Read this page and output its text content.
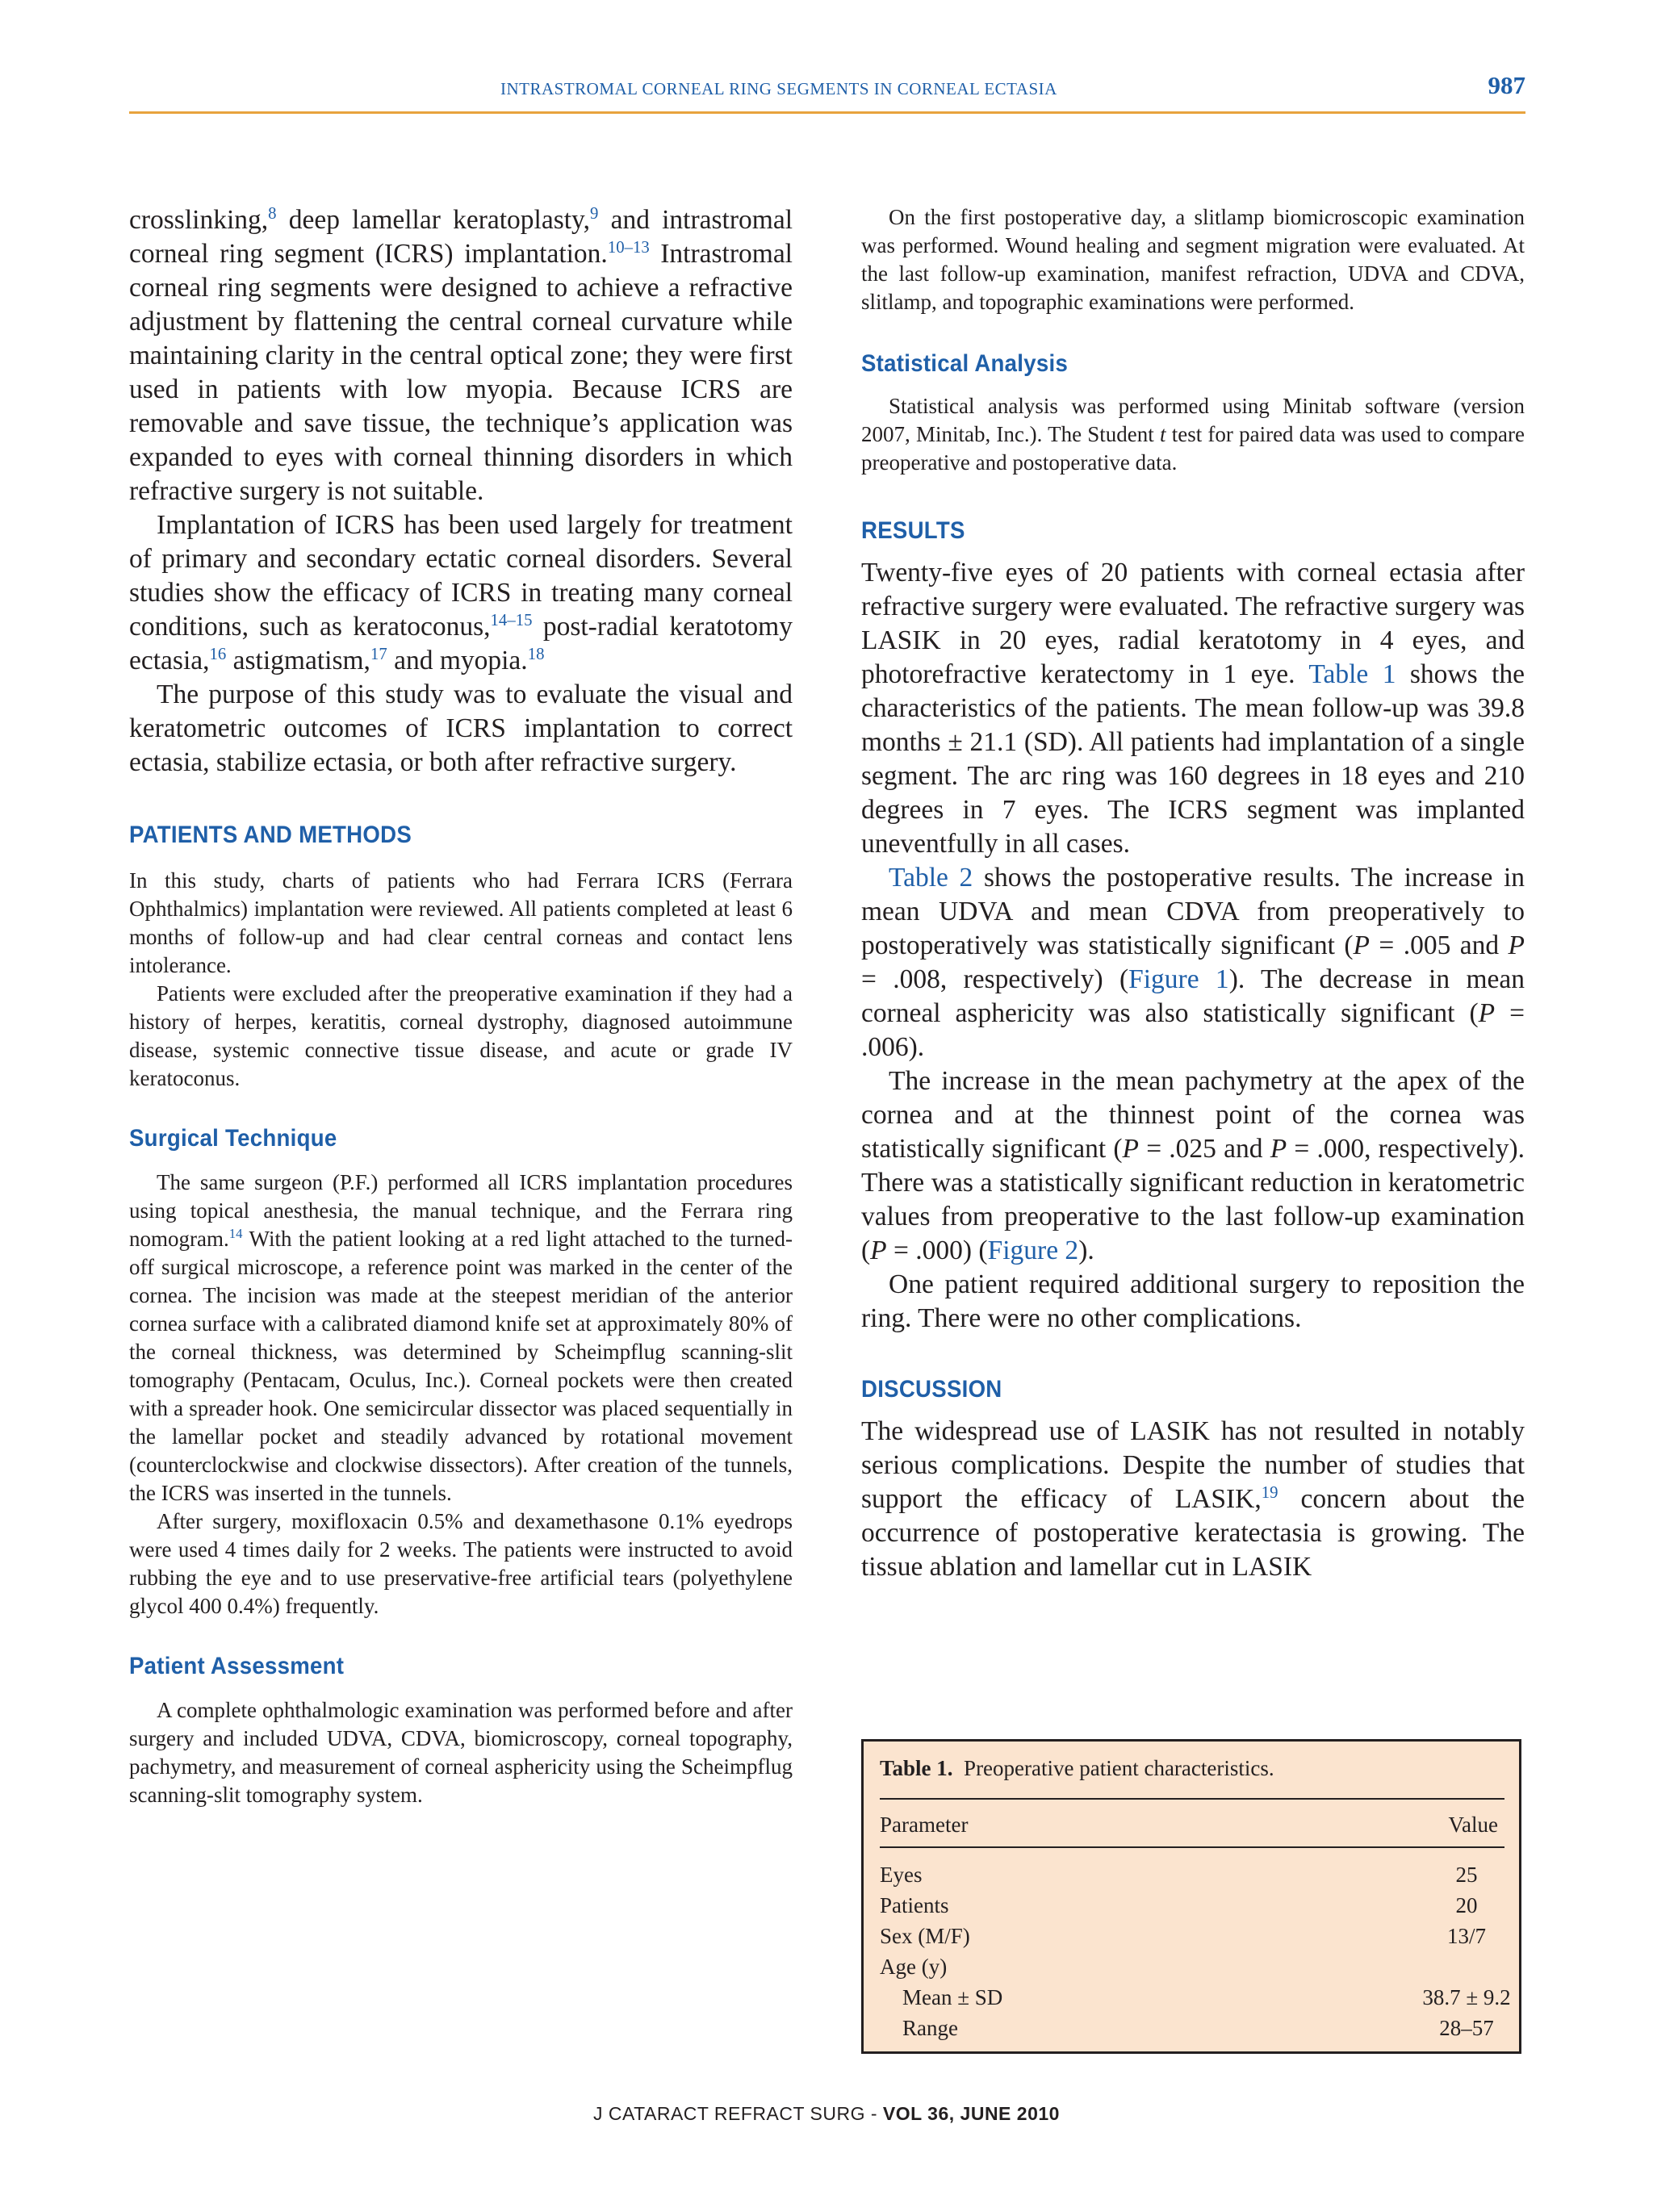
INTRASTROMAL CORNEAL RING SEGMENTS IN CORNEAL ECTASIA	987

crosslinking,$^8$ deep lamellar keratoplasty,$^9$ and intrastromal corneal ring segment (ICRS) implantation.$^{10-13}$ Intrastromal corneal ring segments were designed to achieve a refractive adjustment by flattening the central corneal curvature while maintaining clarity in the central optical zone; they were first used in patients with low myopia. Because ICRS are removable and save tissue, the technique’s application was expanded to eyes with corneal thinning disorders in which refractive surgery is not suitable.

Implantation of ICRS has been used largely for treatment of primary and secondary ectatic corneal disorders. Several studies show the efficacy of ICRS in treating many corneal conditions, such as keratoconus,$^{14-15}$ post-radial keratotomy ectasia,$^{16}$ astigmatism,$^{17}$ and myopia.$^{18}$

The purpose of this study was to evaluate the visual and keratometric outcomes of ICRS implantation to correct ectasia, stabilize ectasia, or both after refractive surgery.

PATIENTS AND METHODS

In this study, charts of patients who had Ferrara ICRS (Ferrara Ophthalmics) implantation were reviewed. All patients completed at least 6 months of follow-up and had clear central corneas and contact lens intolerance.

Patients were excluded after the preoperative examination if they had a history of herpes, keratitis, corneal dystrophy, diagnosed autoimmune disease, systemic connective tissue disease, and acute or grade IV keratoconus.

Surgical Technique

The same surgeon (P.F.) performed all ICRS implantation procedures using topical anesthesia, the manual technique, and the Ferrara ring nomogram.$^{14}$ With the patient looking at a red light attached to the turned-off surgical microscope, a reference point was marked in the center of the cornea. The incision was made at the steepest meridian of the anterior cornea surface with a calibrated diamond knife set at approximately 80% of the corneal thickness, was determined by Scheimpflug scanning-slit tomography (Pentacam, Oculus, Inc.). Corneal pockets were then created with a spreader hook. One semicircular dissector was placed sequentially in the lamellar pocket and steadily advanced by rotational movement (counterclockwise and clockwise dissectors). After creation of the tunnels, the ICRS was inserted in the tunnels.

After surgery, moxifloxacin 0.5% and dexamethasone 0.1% eyedrops were used 4 times daily for 2 weeks. The patients were instructed to avoid rubbing the eye and to use preservative-free artificial tears (polyethylene glycol 400 0.4%) frequently.

Patient Assessment

A complete ophthalmologic examination was performed before and after surgery and included UDVA, CDVA, biomicroscopy, corneal topography, pachymetry, and measurement of corneal asphericity using the Scheimpflug scanning-slit tomography system.

On the first postoperative day, a slitlamp biomicroscopic examination was performed. Wound healing and segment migration were evaluated. At the last follow-up examination, manifest refraction, UDVA and CDVA, slitlamp, and topographic examinations were performed.

Statistical Analysis

Statistical analysis was performed using Minitab software (version 2007, Minitab, Inc.). The Student t test for paired data was used to compare preoperative and postoperative data.

RESULTS

Twenty-five eyes of 20 patients with corneal ectasia after refractive surgery were evaluated. The refractive surgery was LASIK in 20 eyes, radial keratotomy in 4 eyes, and photorefractive keratectomy in 1 eye. Table 1 shows the characteristics of the patients. The mean follow-up was 39.8 months ± 21.1 (SD). All patients had implantation of a single segment. The arc ring was 160 degrees in 18 eyes and 210 degrees in 7 eyes. The ICRS segment was implanted uneventfully in all cases.

Table 2 shows the postoperative results. The increase in mean UDVA and mean CDVA from preoperatively to postoperatively was statistically significant (P = .005 and P = .008, respectively) (Figure 1). The decrease in mean corneal asphericity was also statistically significant (P = .006).

The increase in the mean pachymetry at the apex of the cornea and at the thinnest point of the cornea was statistically significant (P = .025 and P = .000, respectively). There was a statistically significant reduction in keratometric values from preoperative to the last follow-up examination (P = .000) (Figure 2).

One patient required additional surgery to reposition the ring. There were no other complications.

DISCUSSION

The widespread use of LASIK has not resulted in notably serious complications. Despite the number of studies that support the efficacy of LASIK,$^{19}$ concern about the occurrence of postoperative keratectasia is growing. The tissue ablation and lamellar cut in LASIK

Table 1. Preoperative patient characteristics.
Parameter	Value
Eyes	25
Patients	20
Sex (M/F)	13/7
Age (y)
Mean ± SD	38.7 ± 9.2
Range	28–57
J CATARACT REFRACT SURG - VOL 36, JUNE 2010
